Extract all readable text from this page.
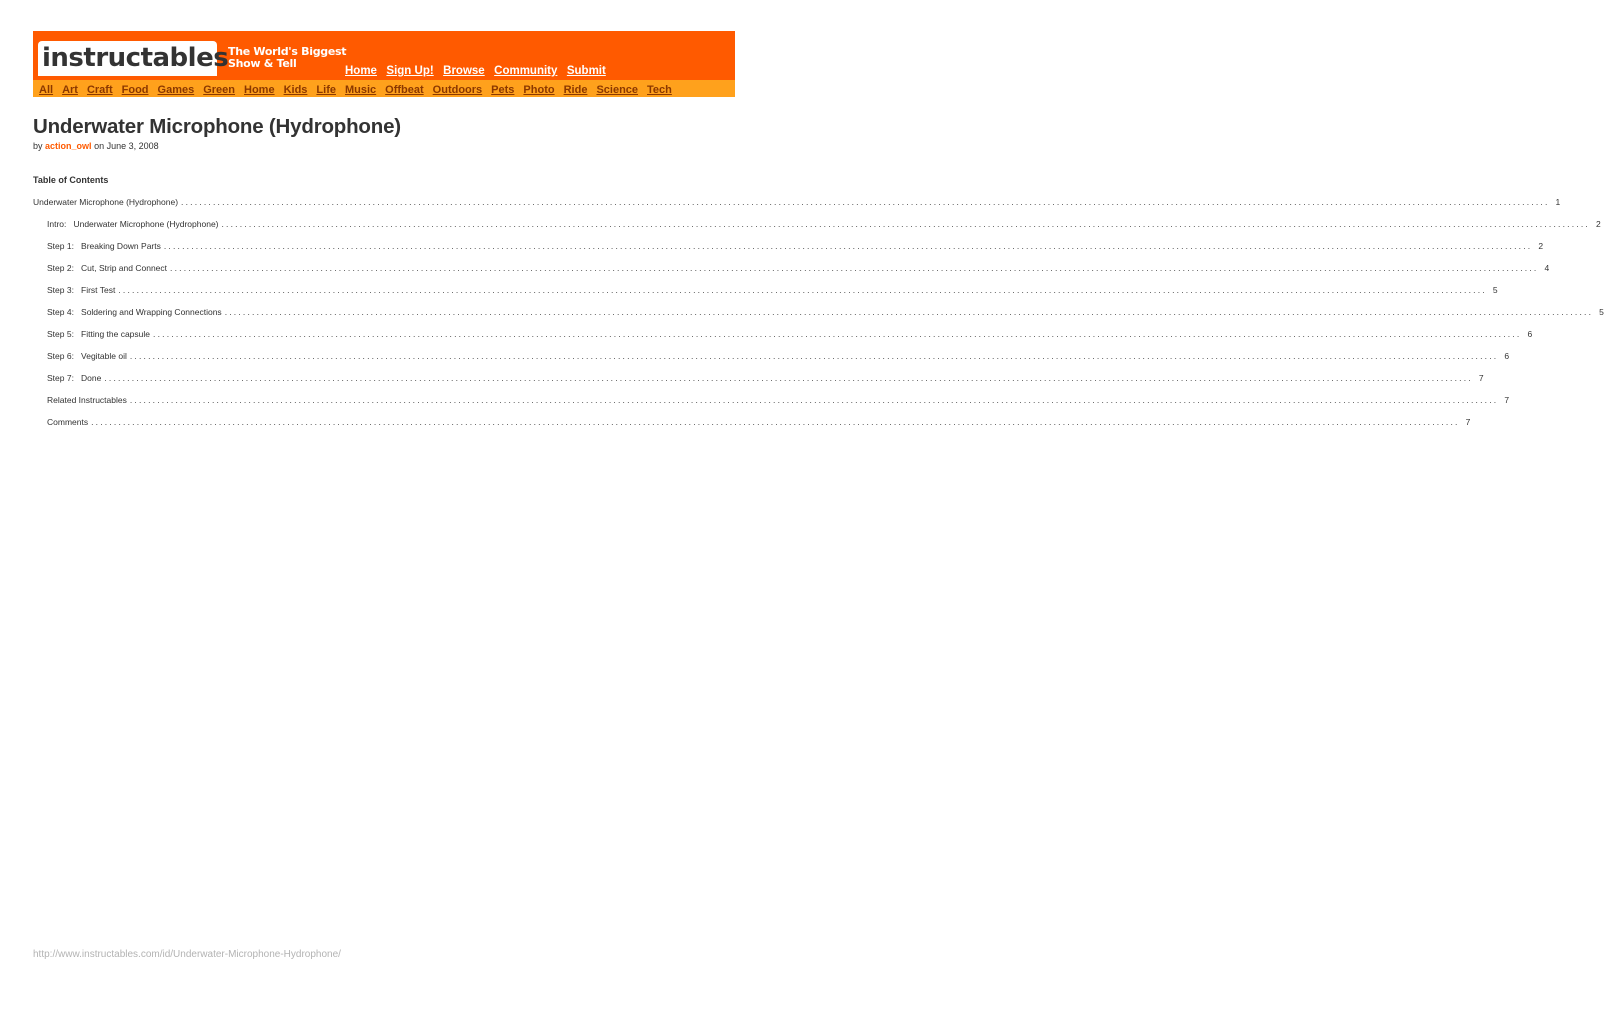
instructables The World's Biggest
Show & Tell
Home Sign Up! Browse Community Submit
All Art Craft Food Games Green Home Kids Life Music Offbeat Outdoors Pets Photo Ride Science Tech
Underwater Microphone (Hydrophone)
by action_owl on June 3, 2008
Table of Contents
Underwater Microphone (Hydrophone) ............................................................................................................................................................................................................................................................................................................ 1
Intro:   Underwater Microphone (Hydrophone) ............................................................................................................................................................................................................................................................................................................ 2
Step 1:   Breaking Down Parts ............................................................................................................................................................................................................................................................................................................ 2
Step 2:   Cut, Strip and Connect ............................................................................................................................................................................................................................................................................................................ 4
Step 3:   First Test ............................................................................................................................................................................................................................................................................................................ 5
Step 4:   Soldering and Wrapping Connections ............................................................................................................................................................................................................................................................................................................ 5
Step 5:   Fitting the capsule ............................................................................................................................................................................................................................................................................................................ 6
Step 6:   Vegitable oil ............................................................................................................................................................................................................................................................................................................ 6
Step 7:   Done ............................................................................................................................................................................................................................................................................................................ 7
Related Instructables ............................................................................................................................................................................................................................................................................................................ 7
Comments ............................................................................................................................................................................................................................................................................................................ 7
http://www.instructables.com/id/Underwater-Microphone-Hydrophone/
